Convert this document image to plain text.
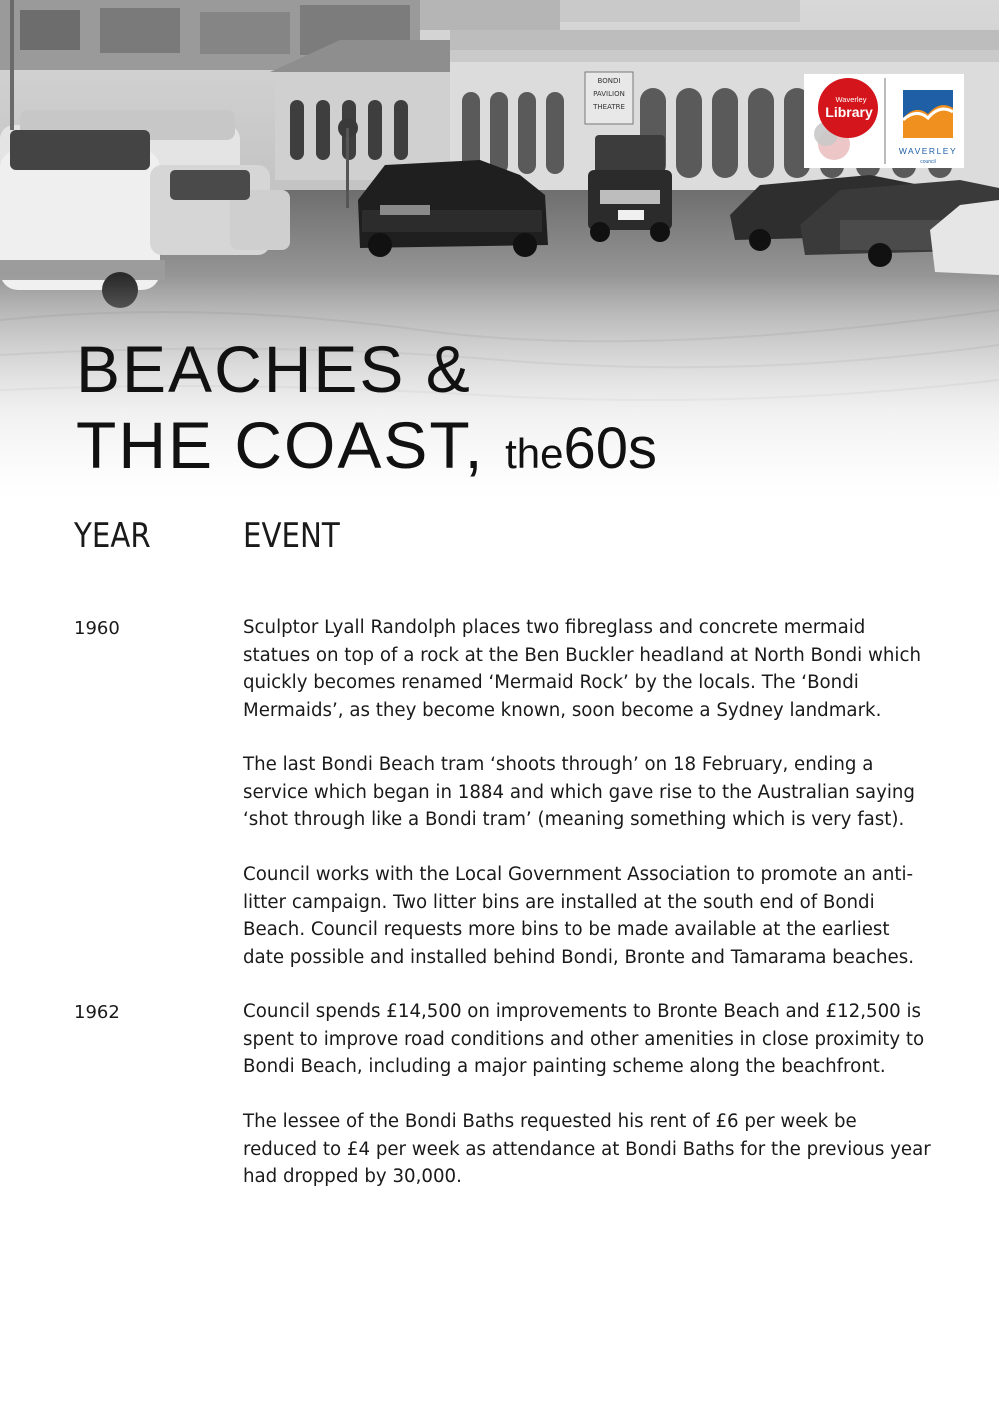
Waverley
Library
WAVERLEY
council
BEACHES &
THE COAST, the60s
YEAR	EVENT
1960	Sculptor Lyall Randolph places two fibreglass and concrete mermaid statues on top of a rock at the Ben Buckler headland at North Bondi which quickly becomes renamed ‘Mermaid Rock’ by the locals. The ‘Bondi Mermaids’, as they become known, soon become a Sydney landmark.

The last Bondi Beach tram ‘shoots through’ on 18 February, ending a service which began in 1884 and which gave rise to the Australian saying ‘shot through like a Bondi tram’ (meaning something which is very fast).

Council works with the Local Government Association to promote an anti-litter campaign. Two litter bins are installed at the south end of Bondi Beach. Council requests more bins to be made available at the earliest date possible and installed behind Bondi, Bronte and Tamarama beaches.

1962	Council spends £14,500 on improvements to Bronte Beach and £12,500 is spent to improve road conditions and other amenities in close proximity to Bondi Beach, including a major painting scheme along the beachfront.

The lessee of the Bondi Baths requested his rent of £6 per week be reduced to £4 per week as attendance at Bondi Baths for the previous year had dropped by 30,000.
